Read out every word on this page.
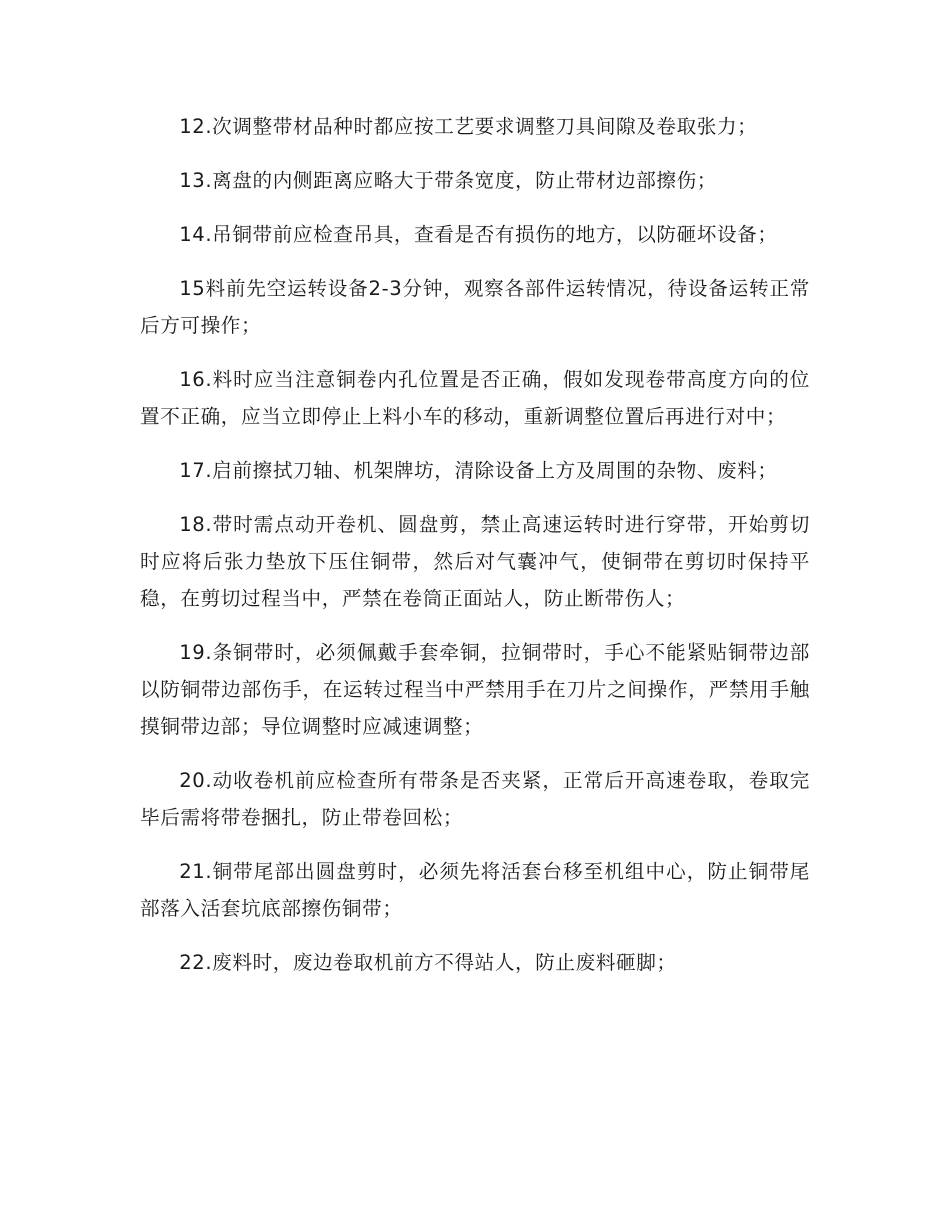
12.次调整带材品种时都应按工艺要求调整刀具间隙及卷取张力；

13.离盘的内侧距离应略大于带条宽度，防止带材边部擦伤；

14.吊铜带前应检查吊具，查看是否有损伤的地方，以防砸坏设备；

15料前先空运转设备2-3分钟，观察各部件运转情况，待设备运转正常后方可操作；

16.料时应当注意铜卷内孔位置是否正确，假如发现卷带高度方向的位置不正确，应当立即停止上料小车的移动，重新调整位置后再进行对中；

17.启前擦拭刀轴、机架牌坊，清除设备上方及周围的杂物、废料；

18.带时需点动开卷机、圆盘剪，禁止高速运转时进行穿带，开始剪切时应将后张力垫放下压住铜带，然后对气囊冲气，使铜带在剪切时保持平稳，在剪切过程当中，严禁在卷筒正面站人，防止断带伤人；

19.条铜带时，必须佩戴手套牵铜，拉铜带时，手心不能紧贴铜带边部以防铜带边部伤手，在运转过程当中严禁用手在刀片之间操作，严禁用手触摸铜带边部；导位调整时应减速调整；

20.动收卷机前应检查所有带条是否夹紧，正常后开高速卷取，卷取完毕后需将带卷捆扎，防止带卷回松；

21.铜带尾部出圆盘剪时，必须先将活套台移至机组中心，防止铜带尾部落入活套坑底部擦伤铜带；

22.废料时，废边卷取机前方不得站人，防止废料砸脚；
